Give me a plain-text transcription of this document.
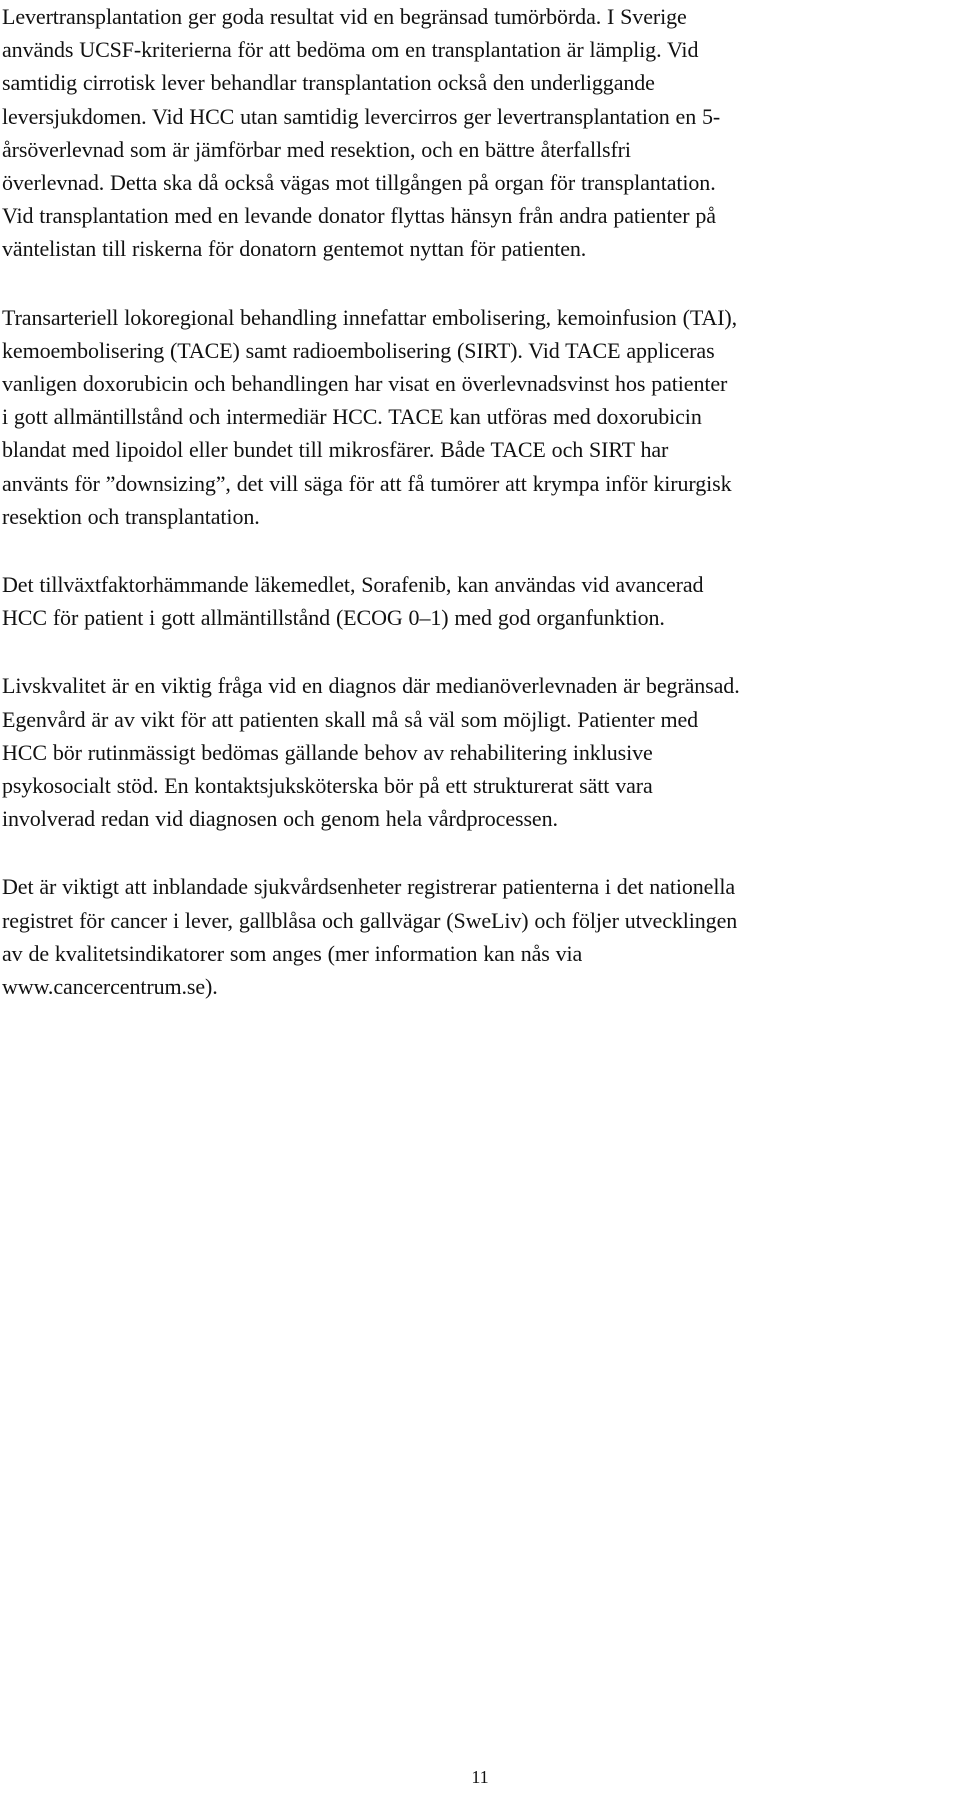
Levertransplantation ger goda resultat vid en begränsad tumörbörda. I Sverige
används UCSF-kriterierna för att bedöma om en transplantation är lämplig. Vid
samtidig cirrotisk lever behandlar transplantation också den underliggande
leversjukdomen. Vid HCC utan samtidig levercirros ger levertransplantation en 5-
årsöverlevnad som är jämförbar med resektion, och en bättre återfallsfri
överlevnad. Detta ska då också vägas mot tillgången på organ för transplantation.
Vid transplantation med en levande donator flyttas hänsyn från andra patienter på
väntelistan till riskerna för donatorn gentemot nyttan för patienten.

Transarteriell lokoregional behandling innefattar embolisering, kemoinfusion (TAI),
kemoembolisering (TACE) samt radioembolisering (SIRT). Vid TACE appliceras
vanligen doxorubicin och behandlingen har visat en överlevnadsvinst hos patienter
i gott allmäntillstånd och intermediär HCC. TACE kan utföras med doxorubicin
blandat med lipoidol eller bundet till mikrosfärer. Både TACE och SIRT har
använts för ”downsizing”, det vill säga för att få tumörer att krympa inför kirurgisk
resektion och transplantation.

Det tillväxtfaktorhämmande läkemedlet, Sorafenib, kan användas vid avancerad
HCC för patient i gott allmäntillstånd (ECOG 0–1) med god organfunktion.

Livskvalitet är en viktig fråga vid en diagnos där medianöverlevnaden är begränsad.
Egenvård är av vikt för att patienten skall må så väl som möjligt. Patienter med
HCC bör rutinmässigt bedömas gällande behov av rehabilitering inklusive
psykosocialt stöd. En kontaktsjuksköterska bör på ett strukturerat sätt vara
involverad redan vid diagnosen och genom hela vårdprocessen.

Det är viktigt att inblandade sjukvårdsenheter registrerar patienterna i det nationella
registret för cancer i lever, gallblåsa och gallvägar (SweLiv) och följer utvecklingen
av de kvalitetsindikatorer som anges (mer information kan nås via
www.cancercentrum.se).

11
